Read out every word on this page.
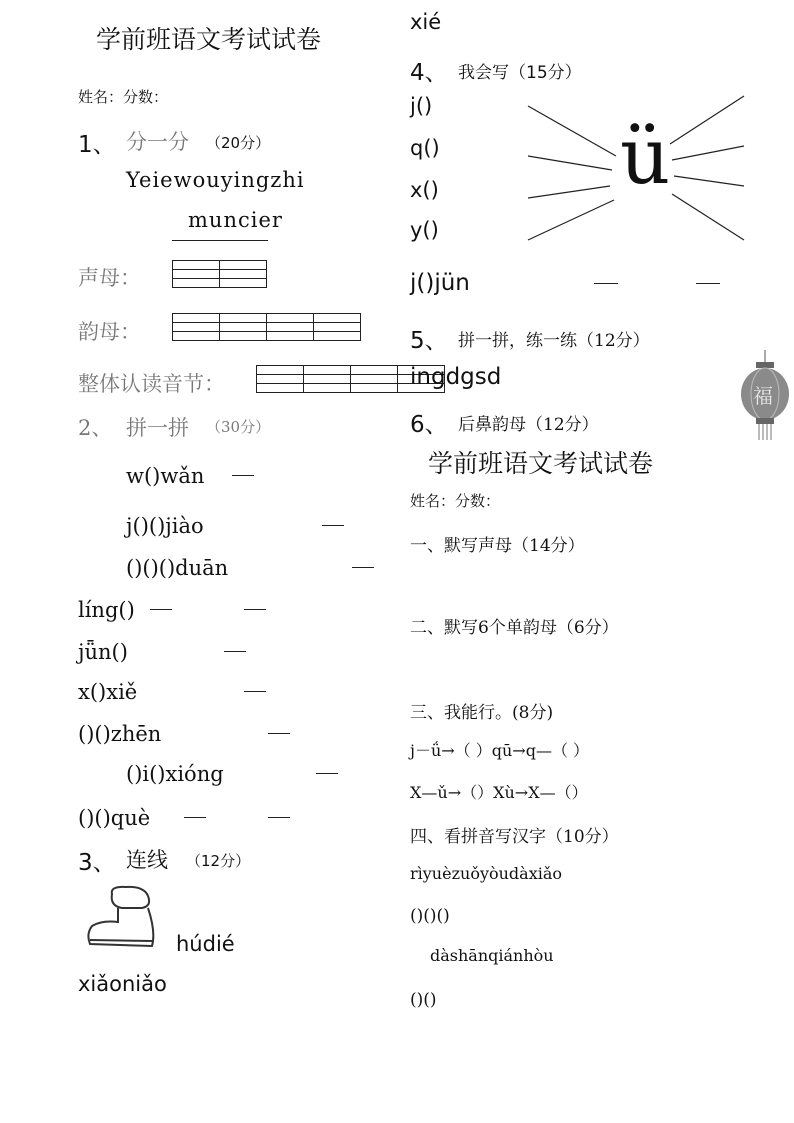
学前班语文考试试卷
姓名：分数：
1、 分一分 （20分）
Yeiewouyingzhi
muncier
声母：

韵母：

整体认读音节：

2、 拼一拼 （30分）
w()wǎn
j()()jiào
()()()duān
líng()
jǖn()
x()xiě
()()zhēn
()i()xióng
()()què
3、 连线 （12分）
húdié
xiǎoniǎo
xié
4、 我会写（15分）
j()
q()
x()
y()
ü
j()jün
5、 拼一拼，练一练（12分）
ingdgsd
6、 后鼻韵母（12分）
福
学前班语文考试试卷
姓名：分数：
一、默写声母（14分）
二、默写6个单韵母（6分）
三、我能行。(8分)
j－ǘ→（ ）qū→q—（ ）
X—ǔ→（）Xù→X—（）
四、看拼音写汉字（10分）
rìyuèzuǒyòudàxiǎo
()()()
dàshānqiánhòu
()()
